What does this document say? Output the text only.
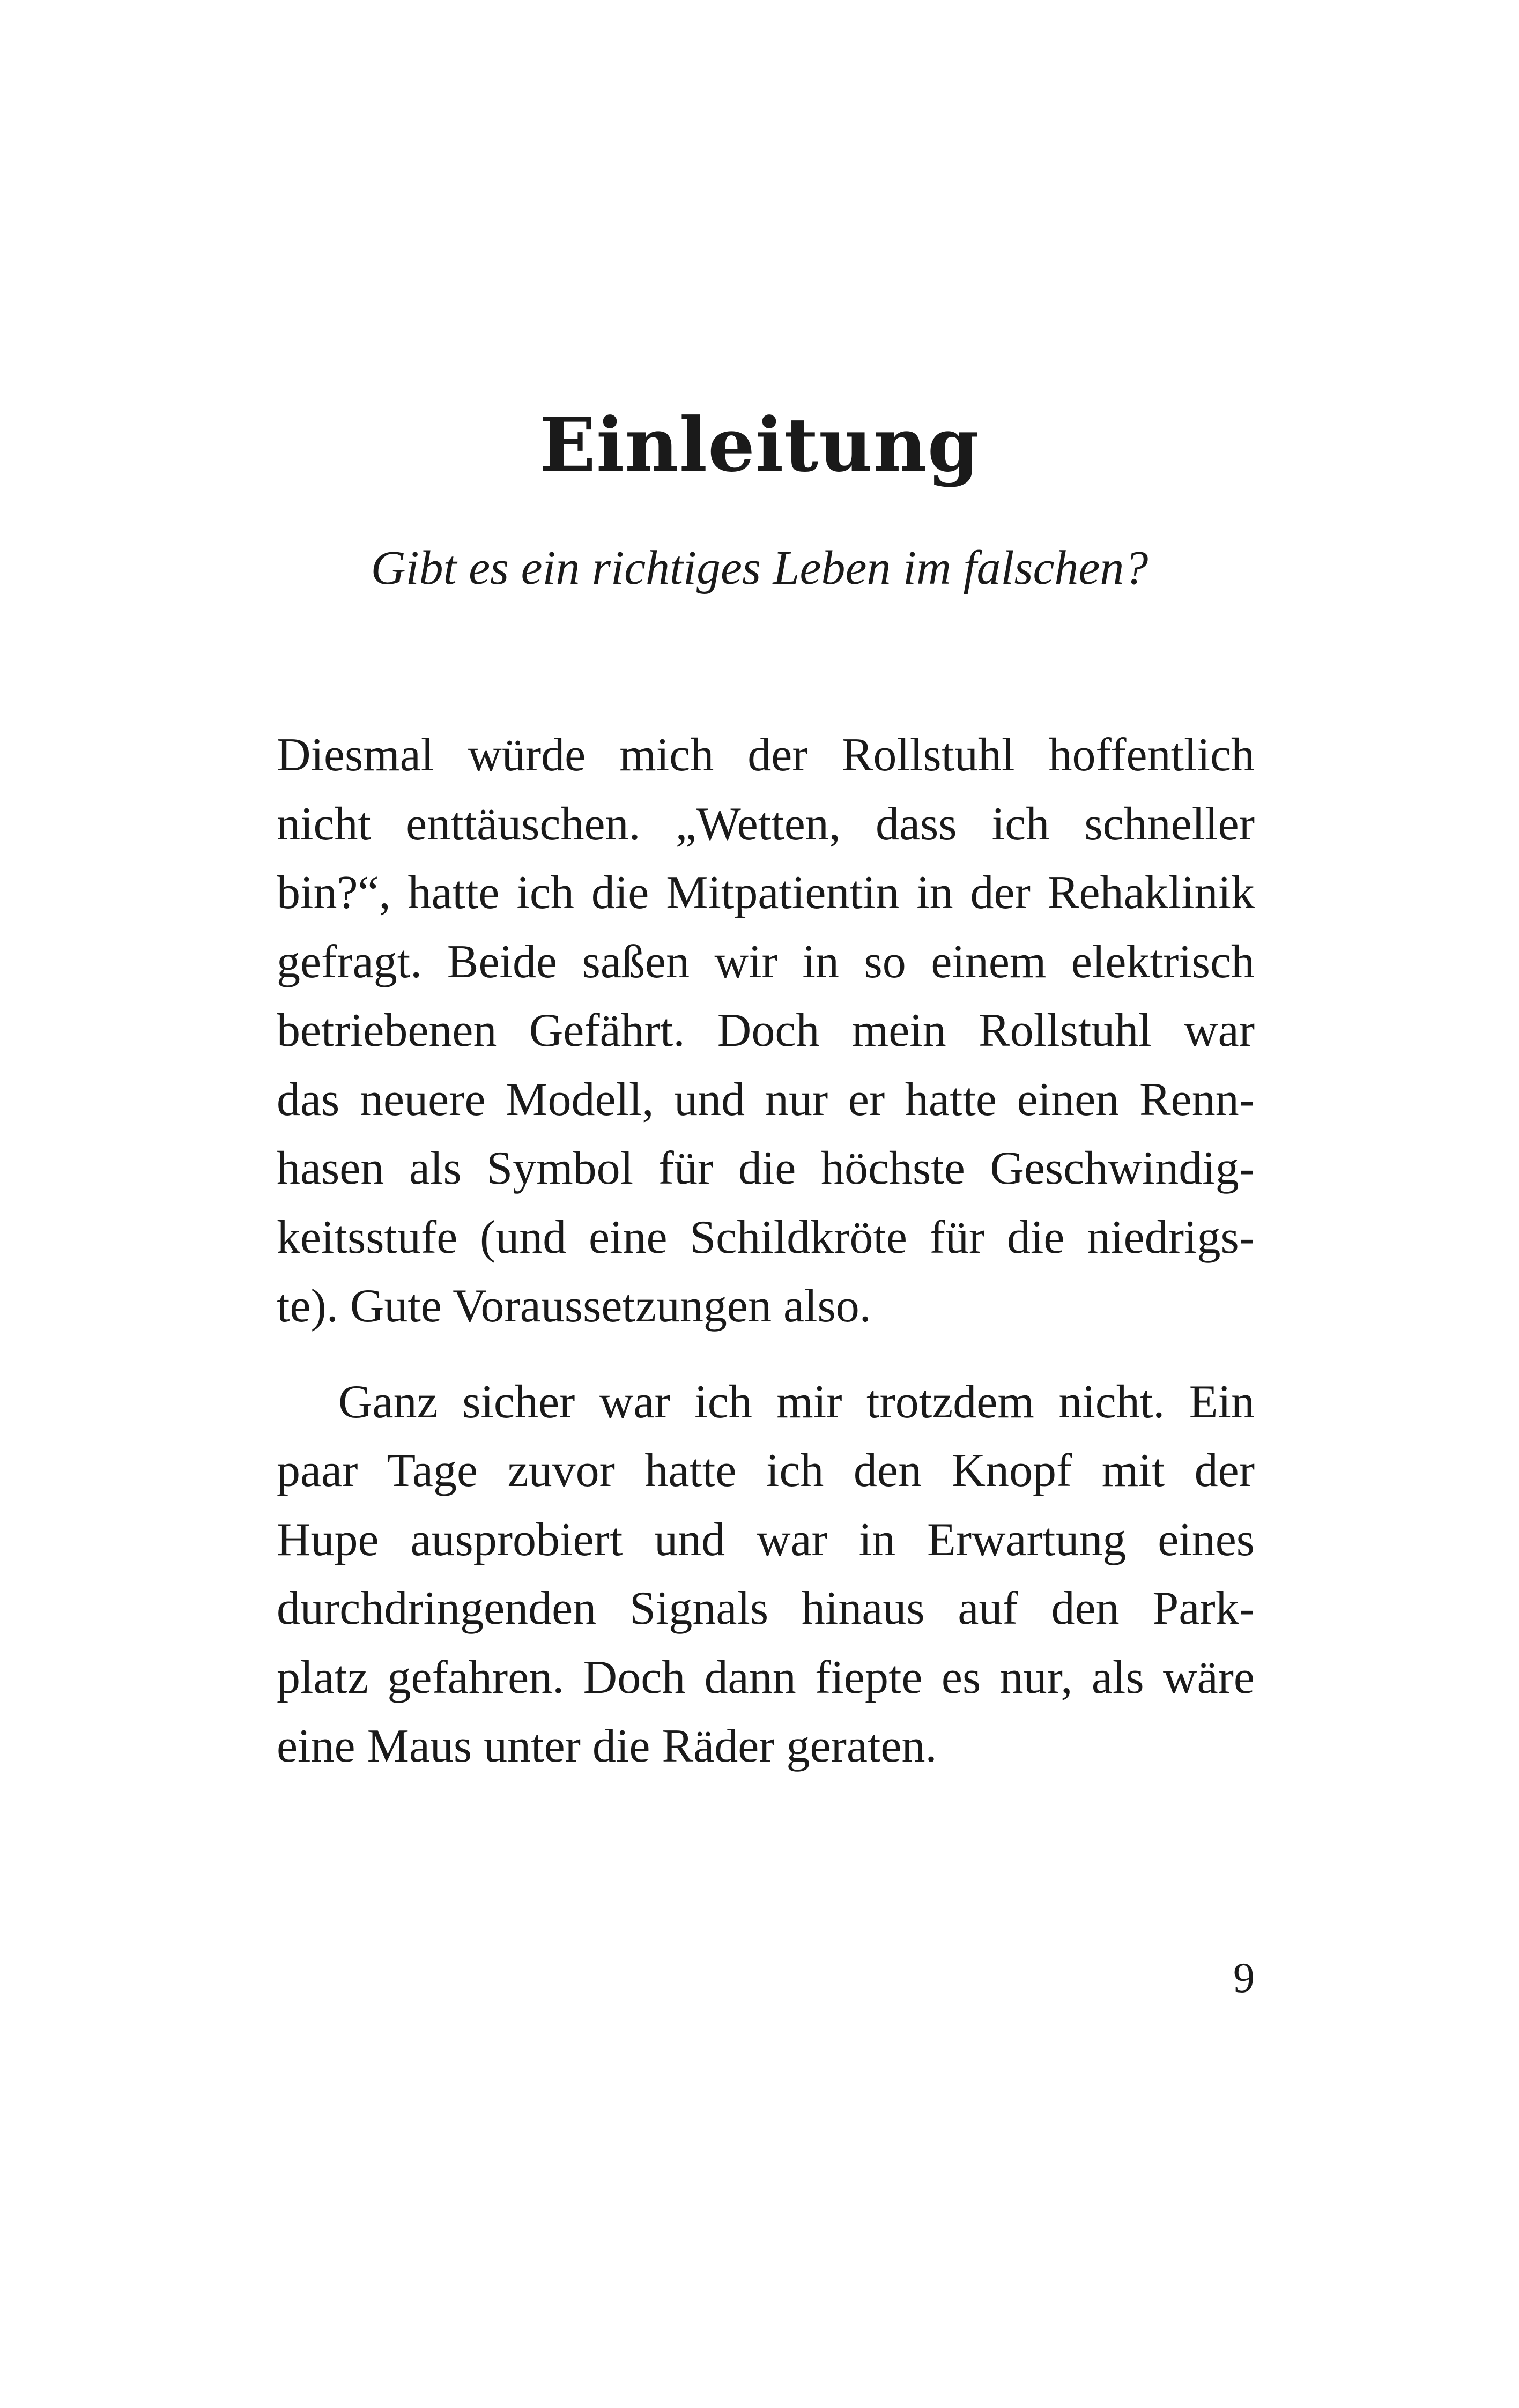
Einleitung

Gibt es ein richtiges Leben im falschen?

Diesmal würde mich der Rollstuhl hoffentlich

nicht enttäuschen. „Wetten, dass ich schneller

bin?“, hatte ich die Mitpatientin in der Rehaklinik

gefragt. Beide saßen wir in so einem elektrisch

betriebenen Gefährt. Doch mein Rollstuhl war

das neuere Modell, und nur er hatte einen Renn-

hasen als Symbol für die höchste Geschwindig-

keitsstufe (und eine Schildkröte für die niedrigs-

te). Gute Voraussetzungen also.

Ganz sicher war ich mir trotzdem nicht. Ein

paar Tage zuvor hatte ich den Knopf mit der

Hupe ausprobiert und war in Erwartung eines

durchdringenden Signals hinaus auf den Park-

platz gefahren. Doch dann fiepte es nur, als wäre

eine Maus unter die Räder geraten.

9
